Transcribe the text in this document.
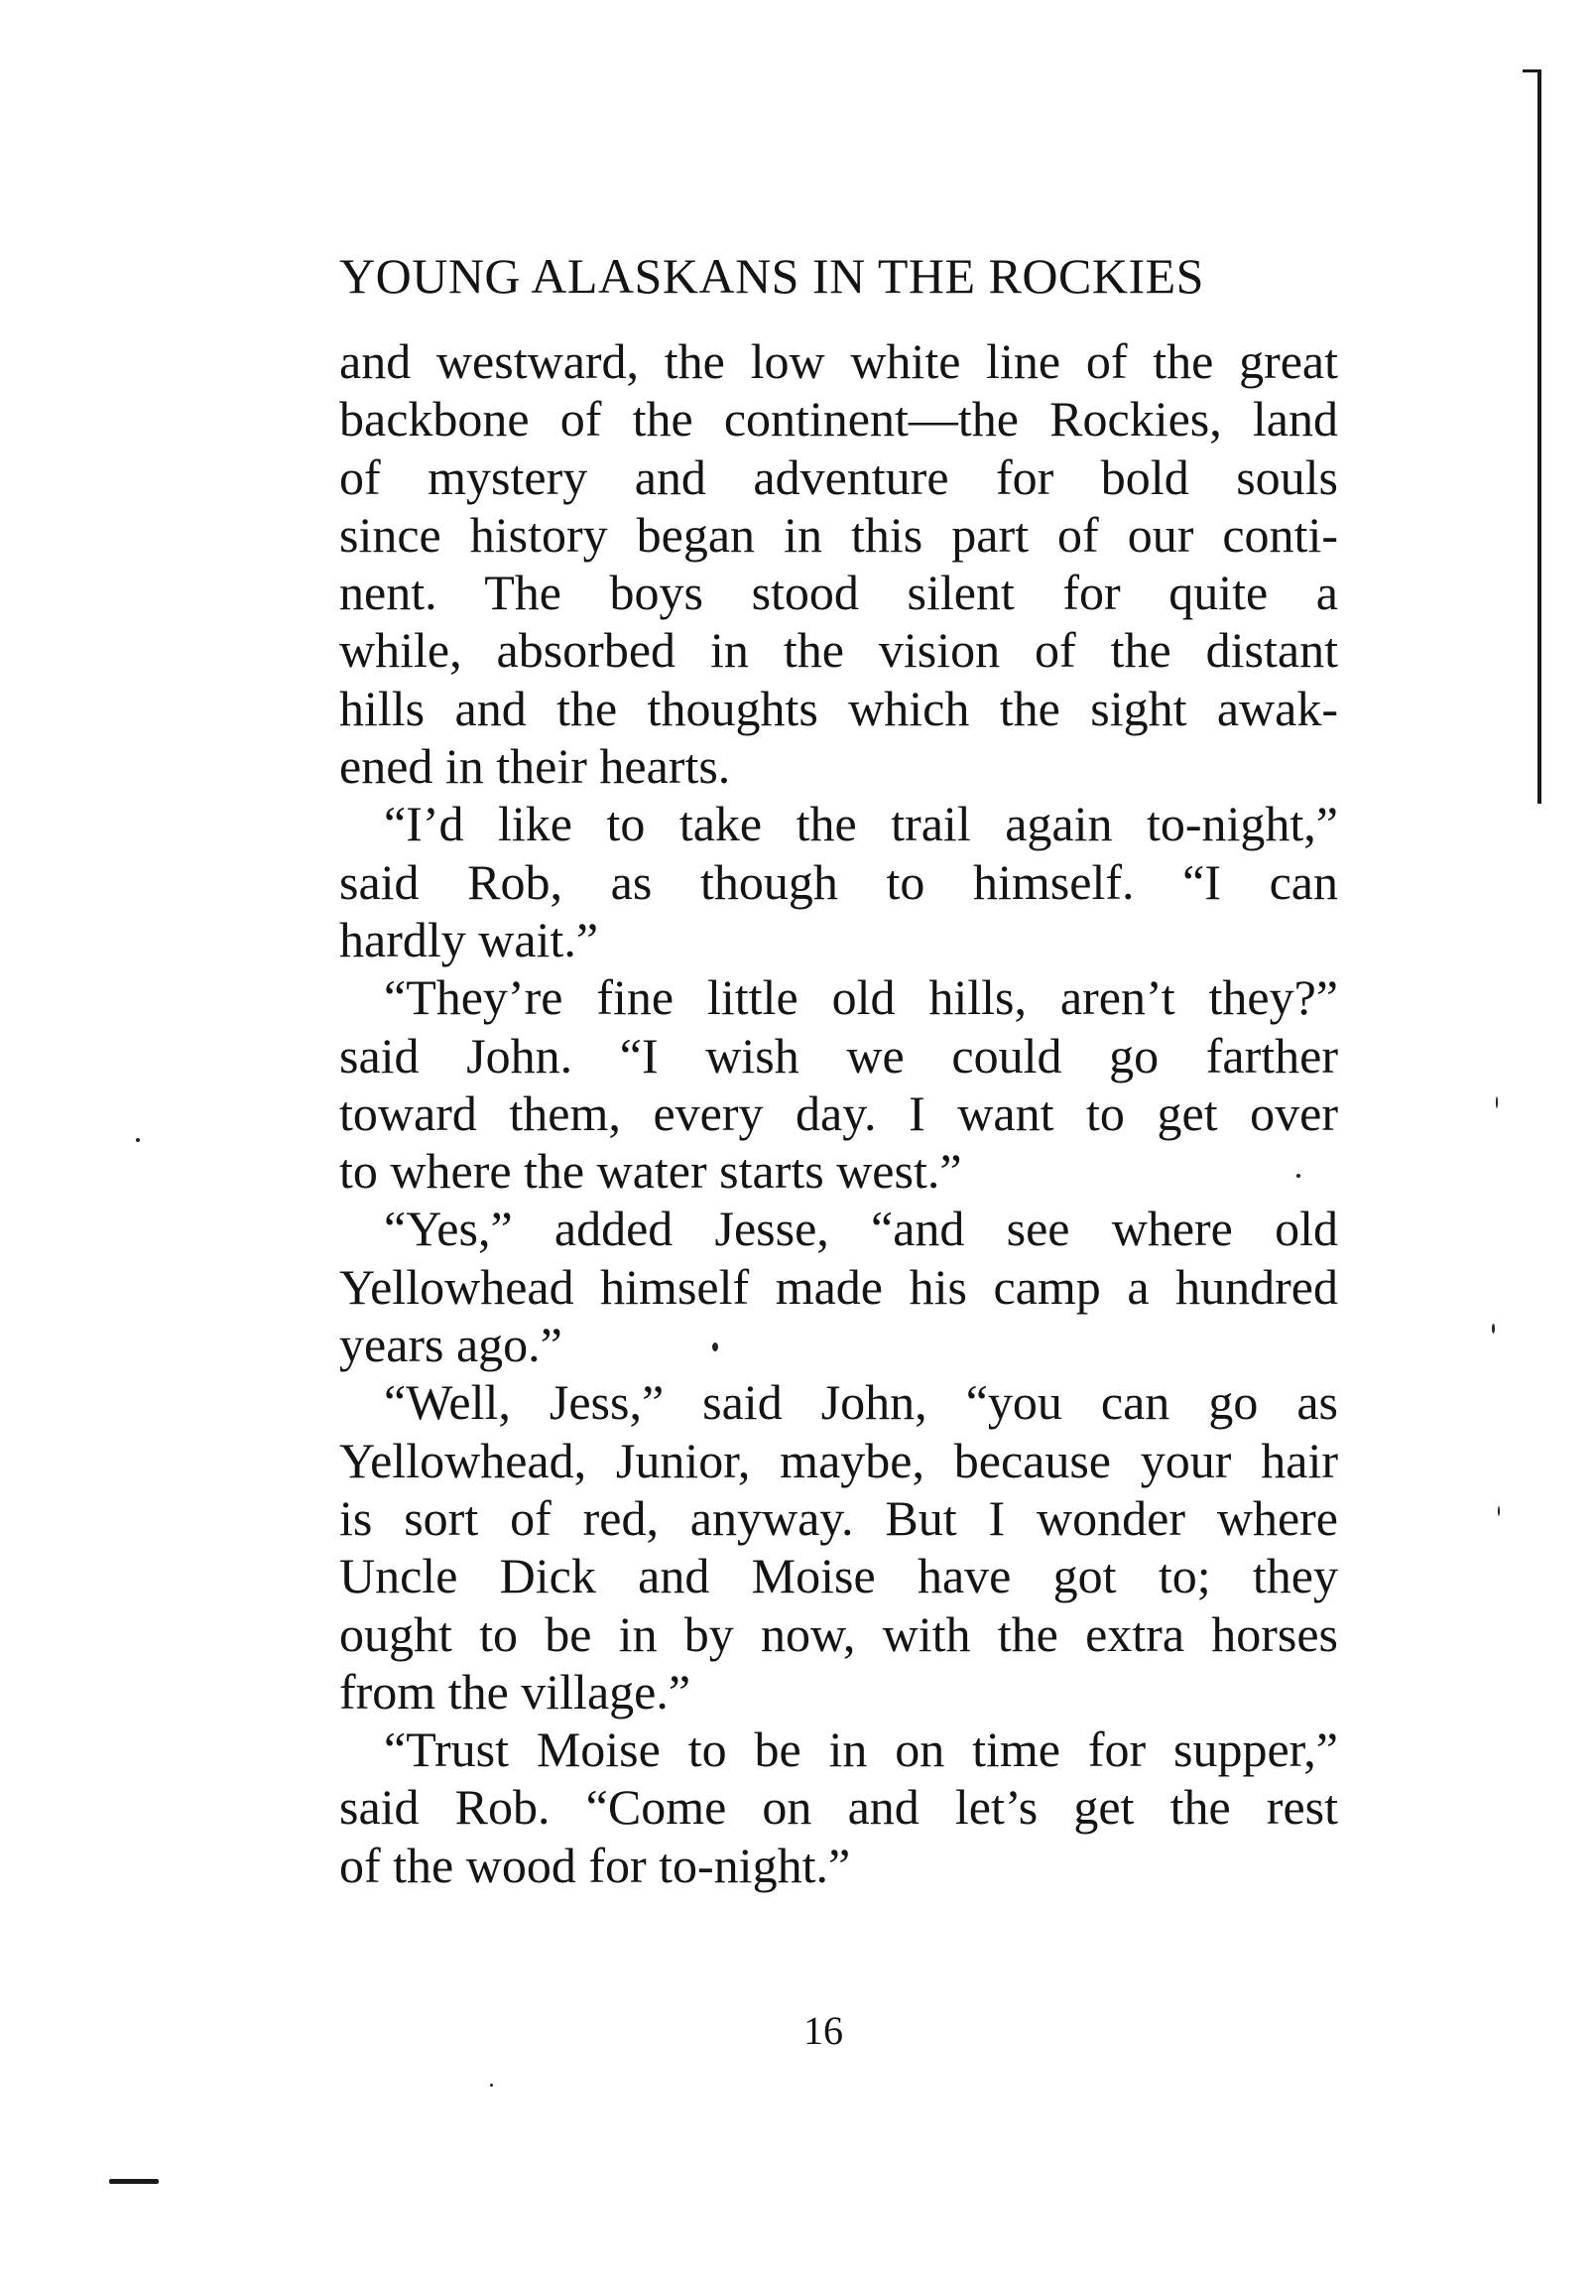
YOUNG ALASKANS IN THE ROCKIES
and westward, the low white line of the great
backbone of the continent—the Rockies, land
of mystery and adventure for bold souls
since history began in this part of our conti-
nent. The boys stood silent for quite a
while, absorbed in the vision of the distant
hills and the thoughts which the sight awak-
ened in their hearts.
“I’d like to take the trail again to-night,”
said Rob, as though to himself. “I can
hardly wait.”
“They’re fine little old hills, aren’t they?”
said John. “I wish we could go farther
toward them, every day. I want to get over
to where the water starts west.”
“Yes,” added Jesse, “and see where old
Yellowhead himself made his camp a hundred
years ago.”
“Well, Jess,” said John, “you can go as
Yellowhead, Junior, maybe, because your hair
is sort of red, anyway. But I wonder where
Uncle Dick and Moise have got to; they
ought to be in by now, with the extra horses
from the village.”
“Trust Moise to be in on time for supper,”
said Rob. “Come on and let’s get the rest
of the wood for to-night.”
16
